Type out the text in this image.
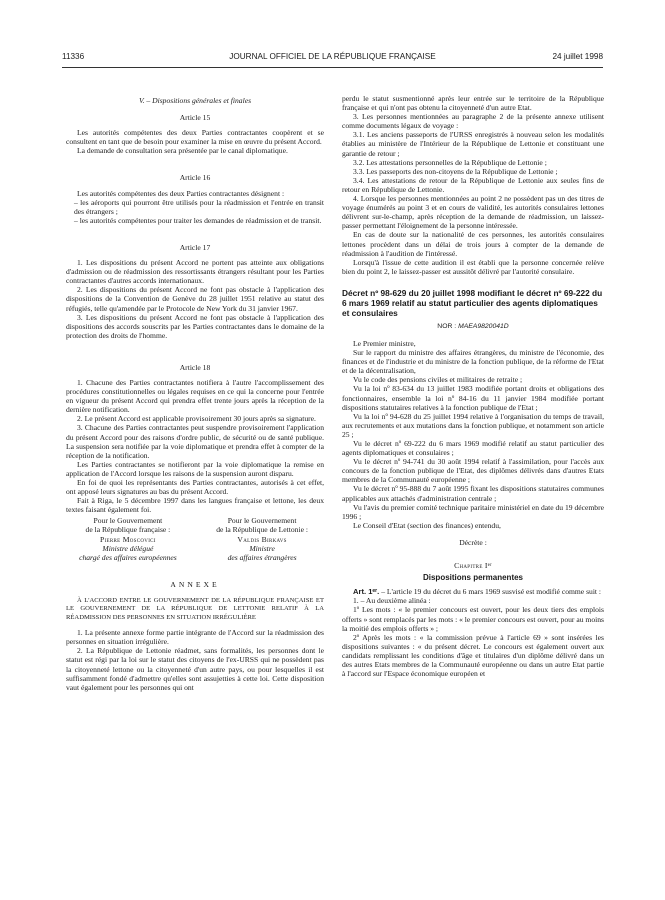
11336	JOURNAL OFFICIEL DE LA RÉPUBLIQUE FRANÇAISE	24 juillet 1998

V. – Dispositions générales et finales

Article 15

Les autorités compétentes des deux Parties contractantes coopèrent et se consultent en tant que de besoin pour examiner la mise en œuvre du présent Accord.

La demande de consultation sera présentée par le canal diplomatique.

Article 16

Les autorités compétentes des deux Parties contractantes désignent :

– les aéroports qui pourront être utilisés pour la réadmission et l'entrée en transit des étrangers ;

– les autorités compétentes pour traiter les demandes de réadmission et de transit.

Article 17

1. Les dispositions du présent Accord ne portent pas atteinte aux obligations d'admission ou de réadmission des ressortissants étrangers résultant pour les Parties contractantes d'autres accords internationaux.

2. Les dispositions du présent Accord ne font pas obstacle à l'application des dispositions de la Convention de Genève du 28 juillet 1951 relative au statut des réfugiés, telle qu'amendée par le Protocole de New York du 31 janvier 1967.

3. Les dispositions du présent Accord ne font pas obstacle à l'application des dispositions des accords souscrits par les Parties contractantes dans le domaine de la protection des droits de l'homme.

Article 18

1. Chacune des Parties contractantes notifiera à l'autre l'accomplissement des procédures constitutionnelles ou légales requises en ce qui la concerne pour l'entrée en vigueur du présent Accord qui prendra effet trente jours après la réception de la dernière notification.

2. Le présent Accord est applicable provisoirement 30 jours après sa signature.

3. Chacune des Parties contractantes peut suspendre provisoirement l'application du présent Accord pour des raisons d'ordre public, de sécurité ou de santé publique. La suspension sera notifiée par la voie diplomatique et prendra effet à compter de la réception de la notification.

Les Parties contractantes se notifieront par la voie diplomatique la remise en application de l'Accord lorsque les raisons de la suspension auront disparu.

En foi de quoi les représentants des Parties contractantes, autorisés à cet effet, ont apposé leurs signatures au bas du présent Accord.

Fait à Riga, le 5 décembre 1997 dans les langues française et lettone, les deux textes faisant également foi.

Pour le Gouvernement
de la République française :
Pierre Moscovici
Ministre délégué
chargé des affaires européennes
Pour le Gouvernement
de la République de Lettonie :
Valdis Birkavs
Ministre
des affaires étrangères

ANNEXE

À L'ACCORD ENTRE LE GOUVERNEMENT DE LA RÉPUBLIQUE FRANÇAISE ET LE GOUVERNEMENT DE LA RÉPUBLIQUE DE LETTONIE RELATIF À LA RÉADMISSION DES PERSONNES EN SITUATION IRRÉGULIÈRE

1. La présente annexe forme partie intégrante de l'Accord sur la réadmission des personnes en situation irrégulière.

2. La République de Lettonie réadmet, sans formalités, les personnes dont le statut est régi par la loi sur le statut des citoyens de l'ex-URSS qui ne possèdent pas la citoyenneté lettone ou la citoyenneté d'un autre pays, ou pour lesquelles il est suffisamment fondé d'admettre qu'elles sont assujetties à cette loi. Cette disposition vaut également pour les personnes qui ont

perdu le statut susmentionné après leur entrée sur le territoire de la République française et qui n'ont pas obtenu la citoyenneté d'un autre Etat.

3. Les personnes mentionnées au paragraphe 2 de la présente annexe utilisent comme documents légaux de voyage :

3.1. Les anciens passeports de l'URSS enregistrés à nouveau selon les modalités établies au ministère de l'Intérieur de la République de Lettonie et constituant une garantie de retour ;

3.2. Les attestations personnelles de la République de Lettonie ;

3.3. Les passeports des non-citoyens de la République de Lettonie ;

3.4. Les attestations de retour de la République de Lettonie aux seules fins de retour en République de Lettonie.

4. Lorsque les personnes mentionnées au point 2 ne possèdent pas un des titres de voyage énumérés au point 3 et en cours de validité, les autorités consulaires lettones délivrent sur-le-champ, après réception de la demande de réadmission, un laissez-passer permettant l'éloignement de la personne intéressée.

En cas de doute sur la nationalité de ces personnes, les autorités consulaires lettones procèdent dans un délai de trois jours à compter de la demande de réadmission à l'audition de l'intéressé.

Lorsqu'à l'issue de cette audition il est établi que la personne concernée relève bien du point 2, le laissez-passer est aussitôt délivré par l'autorité consulaire.

Décret nº 98-629 du 20 juillet 1998 modifiant le décret nº 69-222 du 6 mars 1969 relatif au statut particulier des agents diplomatiques et consulaires

NOR : MAEA9820041D

Le Premier ministre,

Sur le rapport du ministre des affaires étrangères, du ministre de l'économie, des finances et de l'industrie et du ministre de la fonction publique, de la réforme de l'Etat et de la décentralisation,

Vu le code des pensions civiles et militaires de retraite ;

Vu la loi nº 83-634 du 13 juillet 1983 modifiée portant droits et obligations des fonctionnaires, ensemble la loi nº 84-16 du 11 janvier 1984 modifiée portant dispositions statutaires relatives à la fonction publique de l'Etat ;

Vu la loi nº 94-628 du 25 juillet 1994 relative à l'organisation du temps de travail, aux recrutements et aux mutations dans la fonction publique, et notamment son article 25 ;

Vu le décret nº 69-222 du 6 mars 1969 modifié relatif au statut particulier des agents diplomatiques et consulaires ;

Vu le décret nº 94-741 du 30 août 1994 relatif à l'assimilation, pour l'accès aux concours de la fonction publique de l'Etat, des diplômes délivrés dans d'autres Etats membres de la Communauté européenne ;

Vu le décret nº 95-888 du 7 août 1995 fixant les dispositions statutaires communes applicables aux attachés d'administration centrale ;

Vu l'avis du premier comité technique paritaire ministériel en date du 19 décembre 1996 ;

Le Conseil d'Etat (section des finances) entendu,

Décrète :

Chapitre Iᵉʳ

Dispositions permanentes

Art. 1ᵉʳ. – L'article 19 du décret du 6 mars 1969 susvisé est modifié comme suit :

1. – Au deuxième alinéa :

1º Les mots : « le premier concours est ouvert, pour les deux tiers des emplois offerts » sont remplacés par les mots : « le premier concours est ouvert, pour au moins la moitié des emplois offerts » ;

2º Après les mots : « la commission prévue à l'article 69 » sont insérées les dispositions suivantes : « du présent décret. Le concours est également ouvert aux candidats remplissant les conditions d'âge et titulaires d'un diplôme délivré dans un des autres Etats membres de la Communauté européenne ou dans un autre Etat partie à l'accord sur l'Espace économique européen et
